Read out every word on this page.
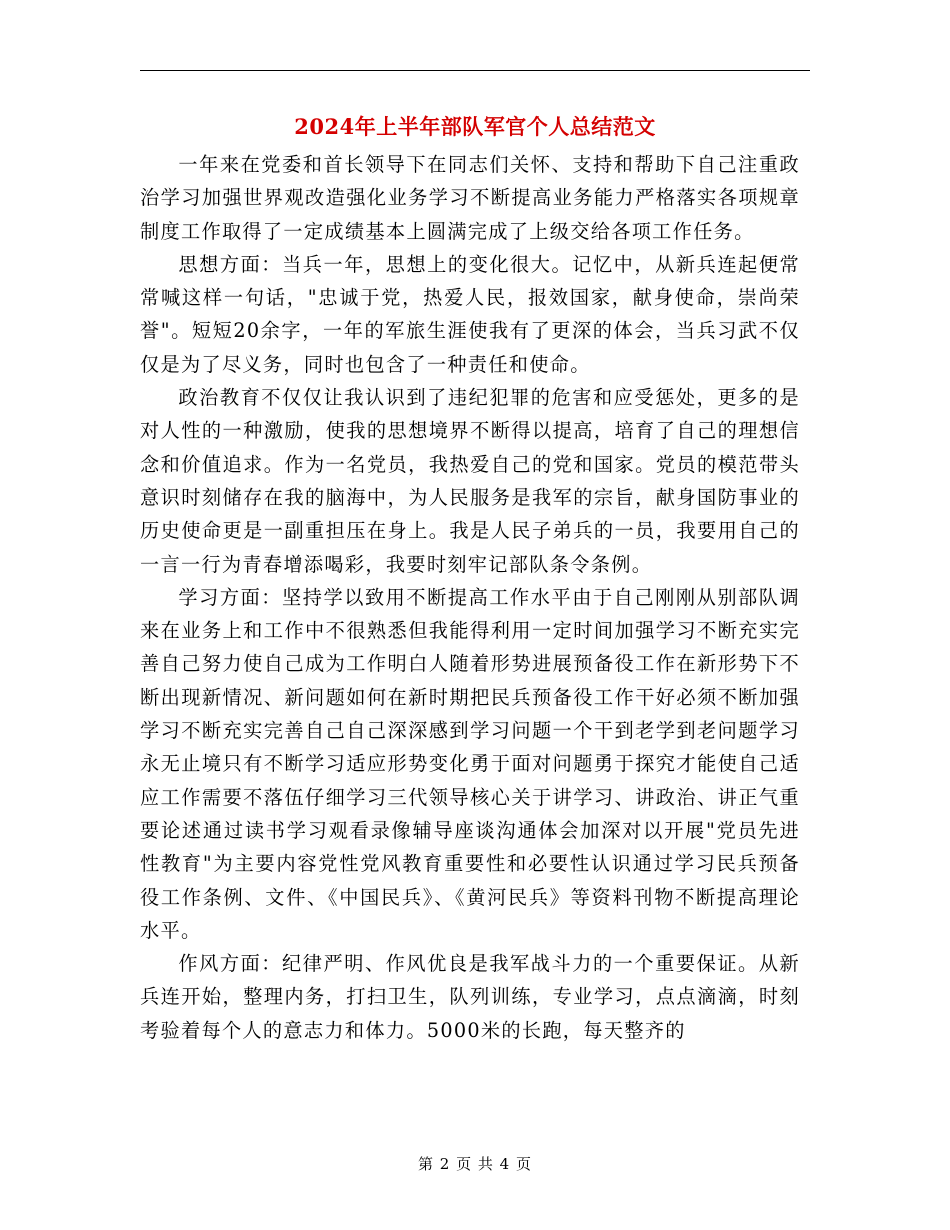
2024年上半年部队军官个人总结范文

一年来在党委和首长领导下在同志们关怀、支持和帮助下自己注重政治学习加强世界观改造强化业务学习不断提高业务能力严格落实各项规章制度工作取得了一定成绩基本上圆满完成了上级交给各项工作任务。

思想方面：当兵一年，思想上的变化很大。记忆中，从新兵连起便常常喊这样一句话，"忠诚于党，热爱人民，报效国家，献身使命，崇尚荣誉"。短短20余字，一年的军旅生涯使我有了更深的体会，当兵习武不仅仅是为了尽义务，同时也包含了一种责任和使命。

政治教育不仅仅让我认识到了违纪犯罪的危害和应受惩处，更多的是对人性的一种激励，使我的思想境界不断得以提高，培育了自己的理想信念和价值追求。作为一名党员，我热爱自己的党和国家。党员的模范带头意识时刻储存在我的脑海中，为人民服务是我军的宗旨，献身国防事业的历史使命更是一副重担压在身上。我是人民子弟兵的一员，我要用自己的一言一行为青春增添喝彩，我要时刻牢记部队条令条例。

学习方面：坚持学以致用不断提高工作水平由于自己刚刚从别部队调来在业务上和工作中不很熟悉但我能得利用一定时间加强学习不断充实完善自己努力使自己成为工作明白人随着形势进展预备役工作在新形势下不断出现新情况、新问题如何在新时期把民兵预备役工作干好必须不断加强学习不断充实完善自己自己深深感到学习问题一个干到老学到老问题学习永无止境只有不断学习适应形势变化勇于面对问题勇于探究才能使自己适应工作需要不落伍仔细学习三代领导核心关于讲学习、讲政治、讲正气重要论述通过读书学习观看录像辅导座谈沟通体会加深对以开展"党员先进性教育"为主要内容党性党风教育重要性和必要性认识通过学习民兵预备役工作条例、文件、《中国民兵》、《黄河民兵》等资料刊物不断提高理论水平。

作风方面：纪律严明、作风优良是我军战斗力的一个重要保证。从新兵连开始，整理内务，打扫卫生，队列训练，专业学习，点点滴滴，时刻考验着每个人的意志力和体力。5000米的长跑，每天整齐的

第 2 页 共 4 页
